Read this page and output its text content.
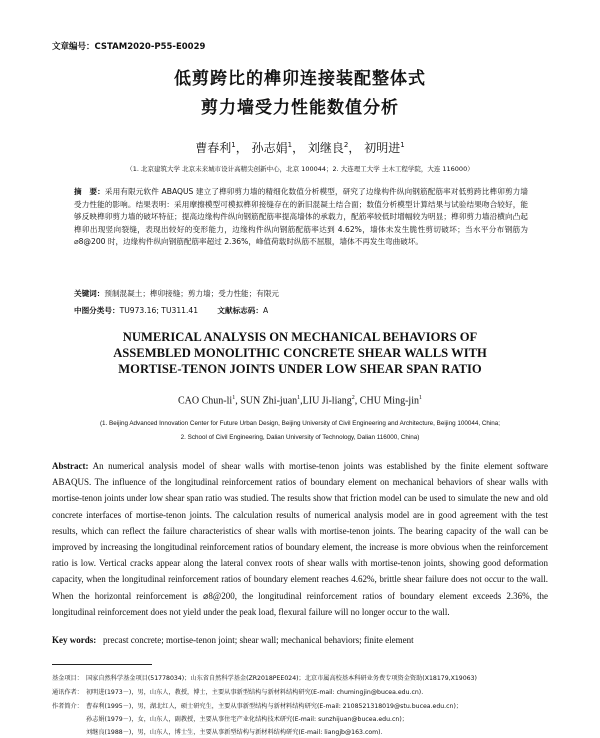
文章编号：CSTAM2020-P55-E0029
低剪跨比的榫卯连接装配整体式
剪力墙受力性能数值分析
曹春利$^1$， 孙志娟$^1$， 刘继良$^2$， 初明进$^1$
（1. 北京建筑大学 北京未来城市设计高精尖创新中心，北京 100044；2. 大连理工大学 土木工程学院，大连 116000）
摘　要：采用有限元软件 ABAQUS 建立了榫卯剪力墙的精细化数值分析模型，研究了边缘构件纵向钢筋配筋率对低剪跨比榫卯剪力墙受力性能的影响。结果表明：采用摩擦模型可模拟榫卯接缝存在的新旧混凝土结合面；数值分析模型计算结果与试验结果吻合较好，能够反映榫卯剪力墙的破坏特征；提高边缘构件纵向钢筋配筋率提高墙体的承载力，配筋率较低时增幅较为明显；榫卯剪力墙沿横向凸起榫卯出现竖向裂缝，表现出较好的变形能力，边缘构件纵向钢筋配筋率达到 4.62%，墙体未发生脆性剪切破坏；当水平分布钢筋为⌀8@200 时，边缘构件纵向钢筋配筋率超过 2.36%，峰值荷载时纵筋不屈服，墙体不再发生弯曲破坏。
关键词：预制混凝土；榫卯接缝；剪力墙；受力性能；有限元
中图分类号：TU973.16; TU311.41	文献标志码：A
NUMERICAL ANALYSIS ON MECHANICAL BEHAVIORS OF
ASSEMBLED MONOLITHIC CONCRETE SHEAR WALLS WITH
MORTISE-TENON JOINTS UNDER LOW SHEAR SPAN RATIO
CAO Chun-$li^1$, SUN Zhi-juan$^1$,LIU Ji-liang$^2$, CHU Ming-jin$^1$
(1. Beijing Advanced Innovation Center for Future Urban Design, Beijing University of Civil Engineering and Architecture, Beijing 100044, China;
2. School of Civil Engineering, Dalian University of Technology, Dalian 116000, China)
Abstract: An numerical analysis model of shear walls with mortise-tenon joints was established by the finite element software ABAQUS. The influence of the longitudinal reinforcement ratios of boundary element on mechanical behaviors of shear walls with mortise-tenon joints under low shear span ratio was studied. The results show that friction model can be used to simulate the new and old concrete interfaces of mortise-tenon joints. The calculation results of numerical analysis model are in good agreement with the test results, which can reflect the failure characteristics of shear walls with mortise-tenon joints. The bearing capacity of the wall can be improved by increasing the longitudinal reinforcement ratios of boundary element, the increase is more obvious when the reinforcement ratio is low. Vertical cracks appear along the lateral convex roots of shear walls with mortise-tenon joints, showing good deformation capacity, when the longitudinal reinforcement ratios of boundary element reaches 4.62%, brittle shear failure does not occur to the wall. When the horizontal reinforcement is ⌀8@200, the longitudinal reinforcement ratios of boundary element exceeds 2.36%, the longitudinal reinforcement does not yield under the peak load, flexural failure will no longer occur to the wall.
Key words: precast concrete; mortise-tenon joint; shear wall; mechanical behaviors; finite element
基金项目： 国家自然科学基金项目(51778034)；山东省自然科学基金(ZR2018PEE024)；北京市属高校基本科研业务费专项资金资助(X18179,X19063)
通讯作者： 初明进(1973－)，男，山东人，教授，博士，主要从事新型结构与新材料结构研究(E-mail: chumingjin@bucea.edu.cn).
作者简介： 曹春利(1995－)，男，湖北红人，硕士研究生，主要从事新型结构与新材料结构研究(E-mail: 2108521318019@stu.bucea.edu.cn)；
孙志娟(1979－)，女，山东人，副教授，主要从事住宅产业化结构技术研究(E-mail: sunzhijuan@bucea.edu.cn)；
刘继良(1988－)，男，山东人，博士生，主要从事新型结构与新材料结构研究(E-mail: liangjb@163.com).
